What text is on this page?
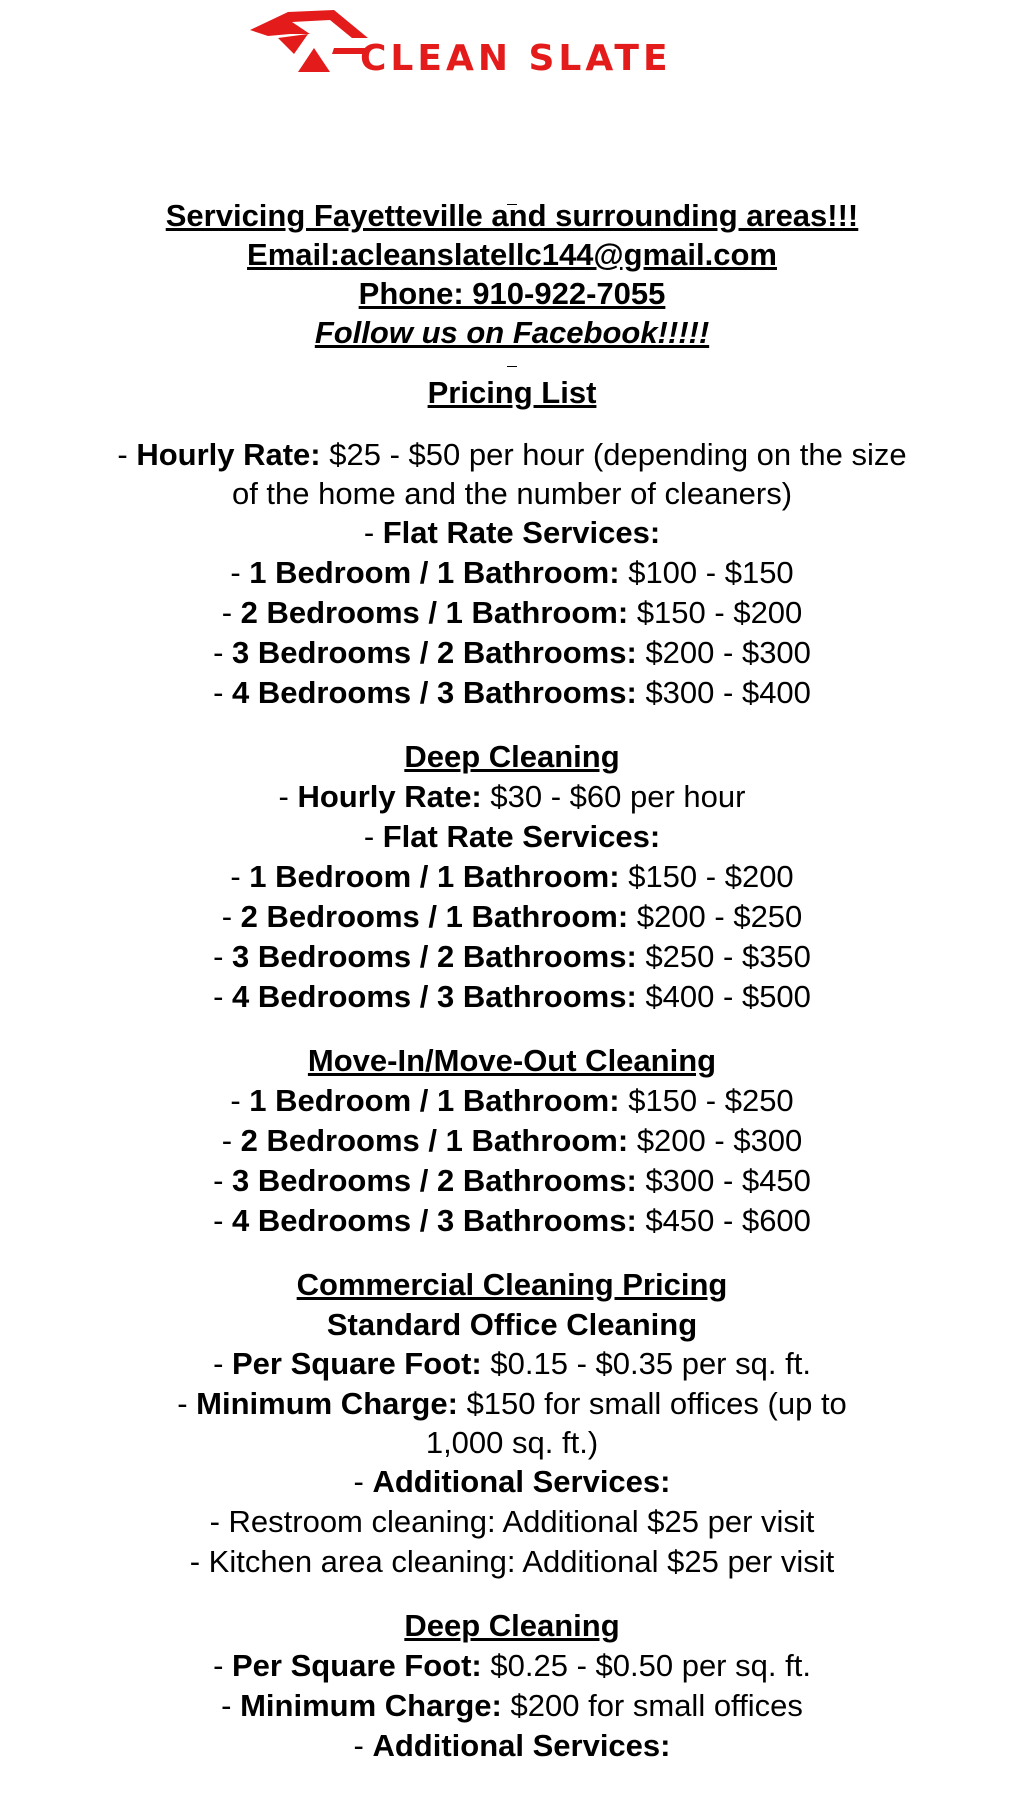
CLEAN SLATE
Servicing Fayetteville and surrounding areas!!!
Email:acleanslatellc144@gmail.com
Phone: 910-922-7055
Follow us on Facebook!!!!!
Pricing List
- Hourly Rate: $25 - $50 per hour (depending on the size of the home and the number of cleaners)
- Flat Rate Services:
- 1 Bedroom / 1 Bathroom: $100 - $150
- 2 Bedrooms / 1 Bathroom: $150 - $200
- 3 Bedrooms / 2 Bathrooms: $200 - $300
- 4 Bedrooms / 3 Bathrooms: $300 - $400
Deep Cleaning
- Hourly Rate: $30 - $60 per hour
- Flat Rate Services:
- 1 Bedroom / 1 Bathroom: $150 - $200
- 2 Bedrooms / 1 Bathroom: $200 - $250
- 3 Bedrooms / 2 Bathrooms: $250 - $350
- 4 Bedrooms / 3 Bathrooms: $400 - $500
Move-In/Move-Out Cleaning
- 1 Bedroom / 1 Bathroom: $150 - $250
- 2 Bedrooms / 1 Bathroom: $200 - $300
- 3 Bedrooms / 2 Bathrooms: $300 - $450
- 4 Bedrooms / 3 Bathrooms: $450 - $600
Commercial Cleaning Pricing
Standard Office Cleaning
- Per Square Foot: $0.15 - $0.35 per sq. ft.
- Minimum Charge: $150 for small offices (up to 1,000 sq. ft.)
- Additional Services:
- Restroom cleaning: Additional $25 per visit
- Kitchen area cleaning: Additional $25 per visit
Deep Cleaning
- Per Square Foot: $0.25 - $0.50 per sq. ft.
- Minimum Charge: $200 for small offices
- Additional Services:
